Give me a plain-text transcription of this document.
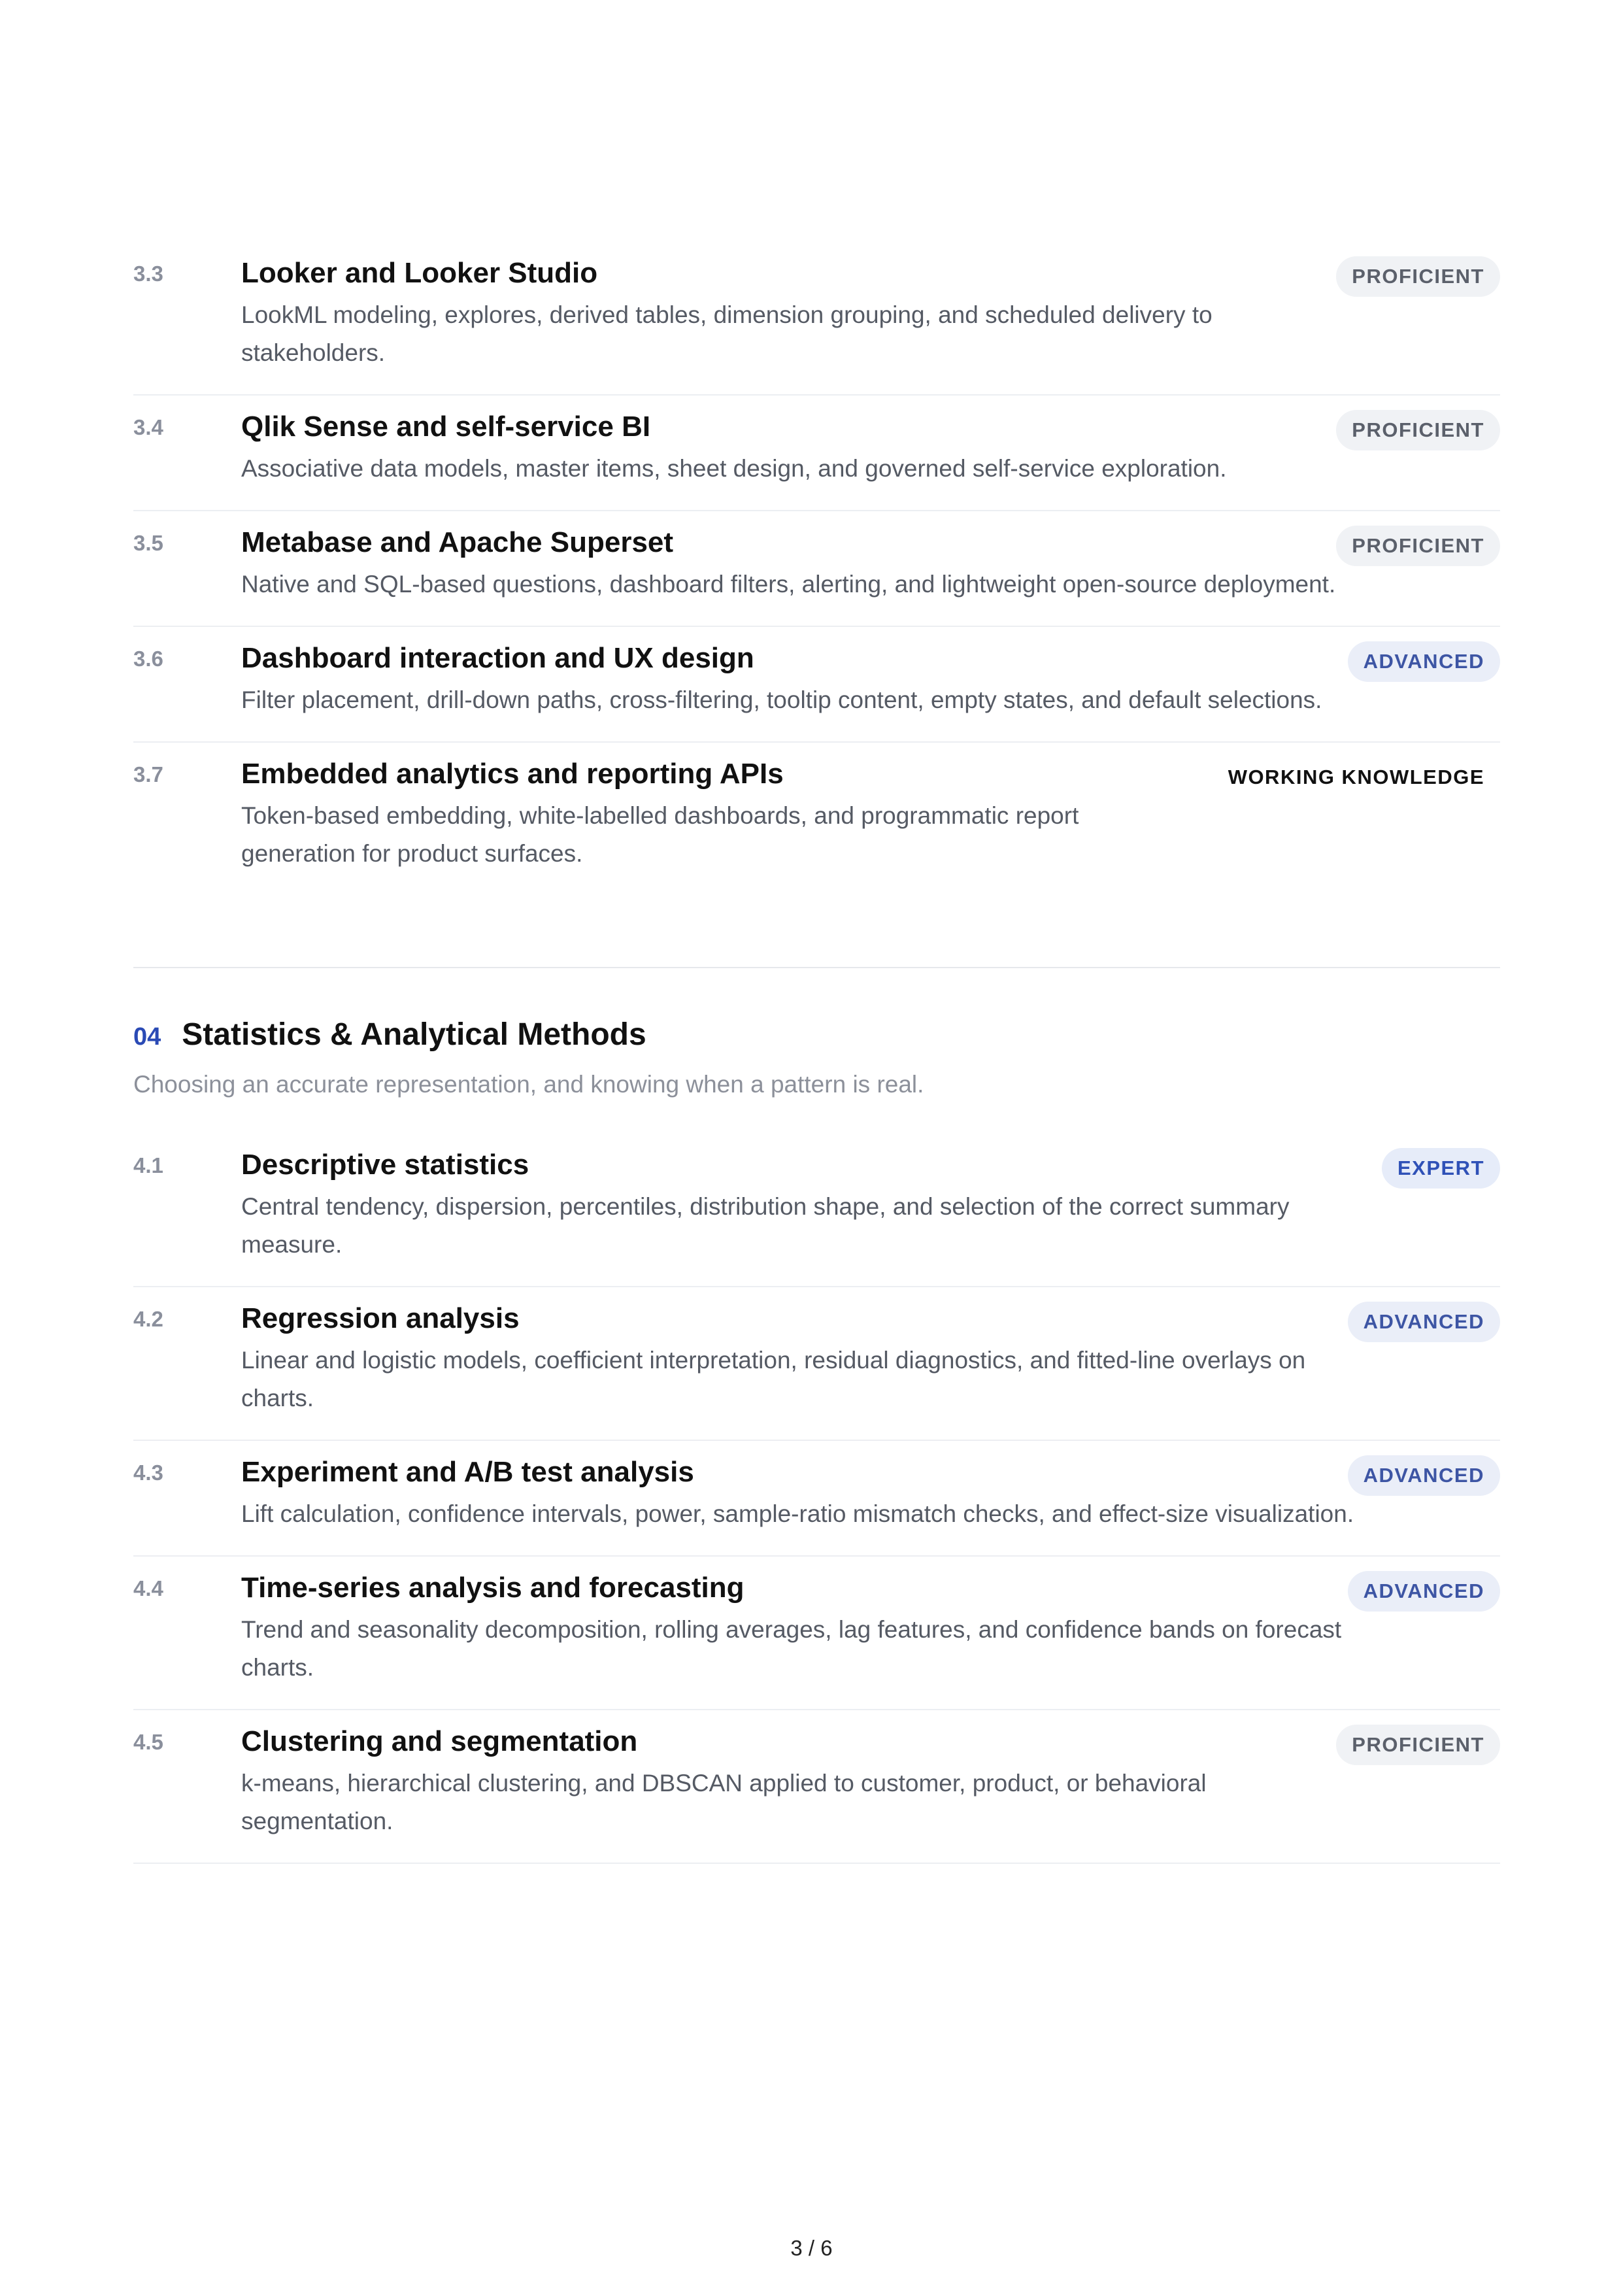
3.3	Looker and Looker Studio
LookML modeling, explores, derived tables, dimension grouping, and scheduled delivery to stakeholders.
PROFICIENT
3.4	Qlik Sense and self-service BI
Associative data models, master items, sheet design, and governed self-service exploration.
PROFICIENT
3.5	Metabase and Apache Superset
Native and SQL-based questions, dashboard filters, alerting, and lightweight open-source deployment.
PROFICIENT
3.6	Dashboard interaction and UX design
Filter placement, drill-down paths, cross-filtering, tooltip content, empty states, and default selections.
ADVANCED
3.7	Embedded analytics and reporting APIs
Token-based embedding, white-labelled dashboards, and programmatic report generation for product surfaces.
WORKING KNOWLEDGE
04 Statistics & Analytical Methods
Choosing an accurate representation, and knowing when a pattern is real.
4.1	Descriptive statistics
Central tendency, dispersion, percentiles, distribution shape, and selection of the correct summary measure.
EXPERT
4.2	Regression analysis
Linear and logistic models, coefficient interpretation, residual diagnostics, and fitted-line overlays on charts.
ADVANCED
4.3	Experiment and A/B test analysis
Lift calculation, confidence intervals, power, sample-ratio mismatch checks, and effect-size visualization.
ADVANCED
4.4	Time-series analysis and forecasting
Trend and seasonality decomposition, rolling averages, lag features, and confidence bands on forecast charts.
ADVANCED
4.5	Clustering and segmentation
k-means, hierarchical clustering, and DBSCAN applied to customer, product, or behavioral segmentation.
PROFICIENT
3 / 6
